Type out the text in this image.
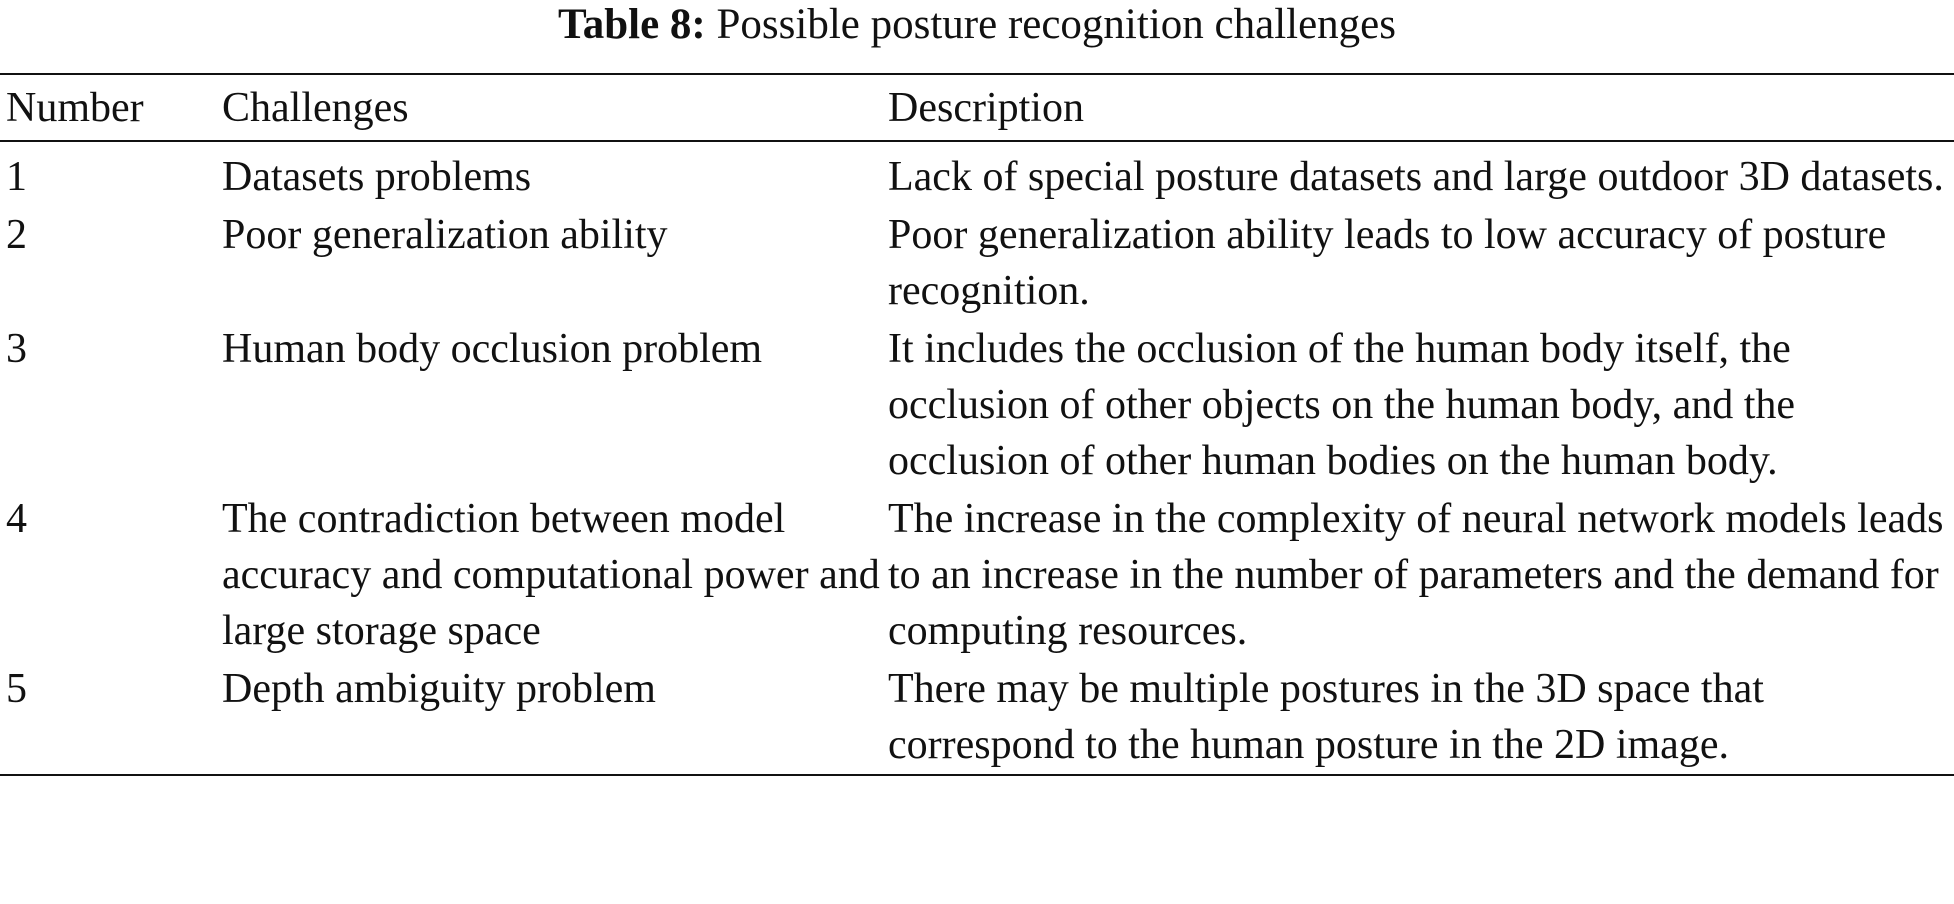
Table 8: Possible posture recognition challenges
Number	Challenges	Description
1	Datasets problems	Lack of special posture datasets and large outdoor 3D datasets.
2	Poor generalization ability	Poor generalization ability leads to low accuracy of posture recognition.
3	Human body occlusion problem	It includes the occlusion of the human body itself, the occlusion of other objects on the human body, and the occlusion of other human bodies on the human body.
4	The contradiction between model accuracy and computational power and large storage space	The increase in the complexity of neural network models leads to an increase in the number of parameters and the demand for computing resources.
5	Depth ambiguity problem	There may be multiple postures in the 3D space that correspond to the human posture in the 2D image.
